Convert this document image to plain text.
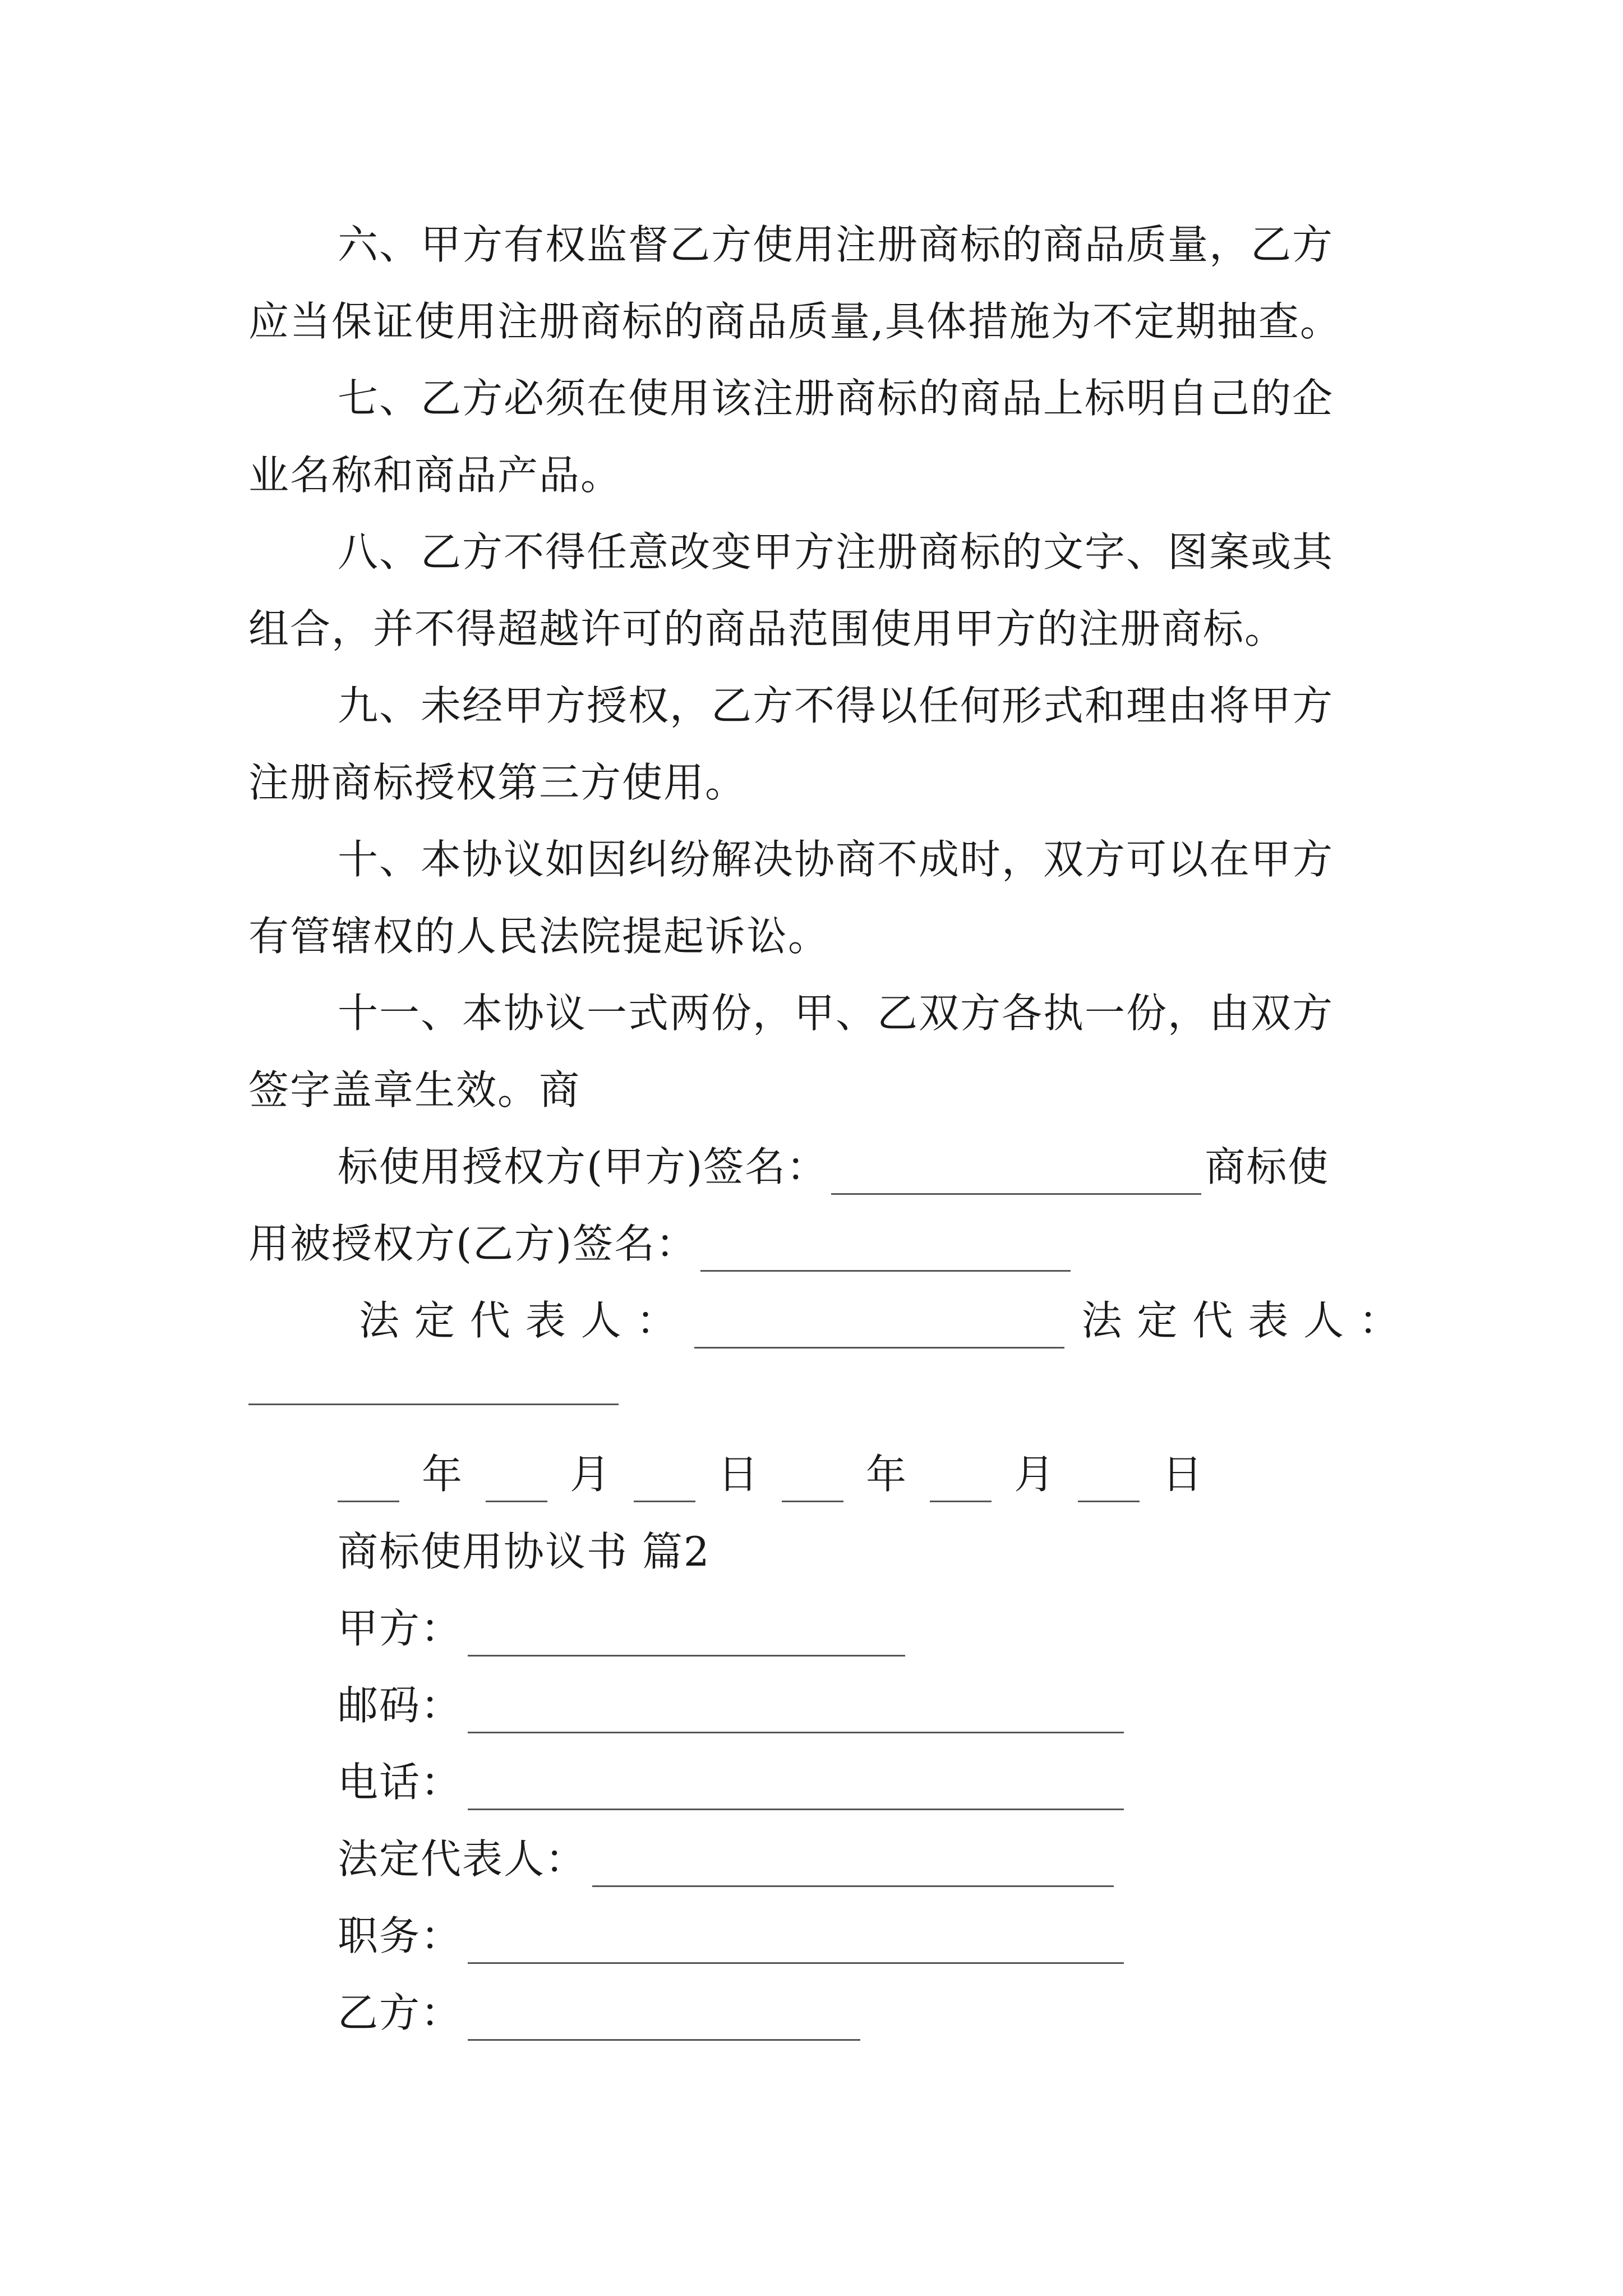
六、甲方有权监督乙方使用注册商标的商品质量，乙方
应当保证使用注册商标的商品质量,具体措施为不定期抽查。
七、乙方必须在使用该注册商标的商品上标明自己的企
业名称和商品产品。
八、乙方不得任意改变甲方注册商标的文字、图案或其
组合，并不得超越许可的商品范围使用甲方的注册商标。
九、未经甲方授权，乙方不得以任何形式和理由将甲方
注册商标授权第三方使用。
十、本协议如因纠纷解决协商不成时，双方可以在甲方
有管辖权的人民法院提起诉讼。
十一、本协议一式两份，甲、乙双方各执一份，由双方
签字盖章生效。商
标使用授权方(甲方)签名：	商标使
用被授权方(乙方)签名：
法 定 代 表 人 ：	法 定 代 表 人 ：
年	月	日	年	月	日
商标使用协议书 篇2
甲方：
邮码：
电话：
法定代表人：
职务：
乙方：
